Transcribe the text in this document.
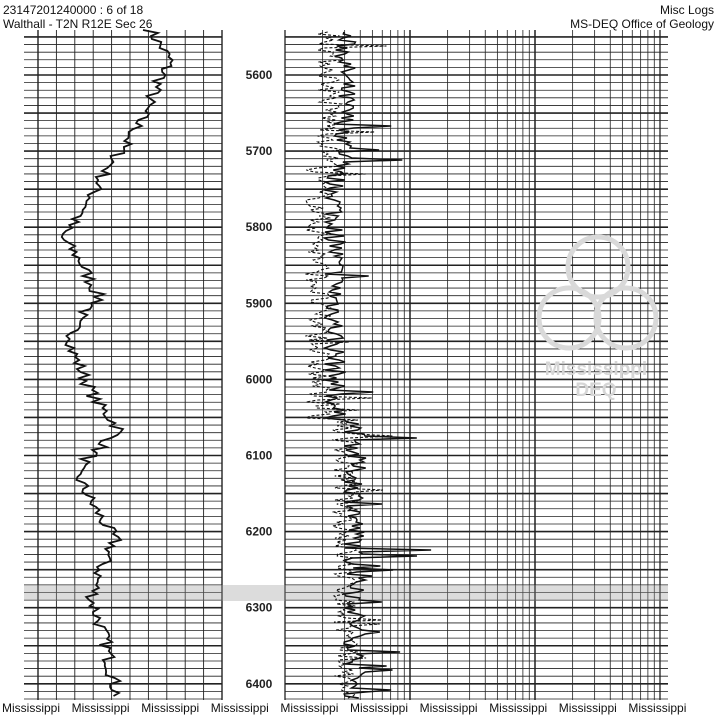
23147201240000 : 6 of 18
Walthall - T2N R12E Sec 26
Misc Logs
MS-DEQ Office of Geology
Mississippi
DEQ
5600
5700
5800
5900
6000
6100
6200
6300
6400
Mississippi Mississippi Mississippi Mississippi Mississippi Mississippi Mississippi Mississippi Mississippi Mississippi
